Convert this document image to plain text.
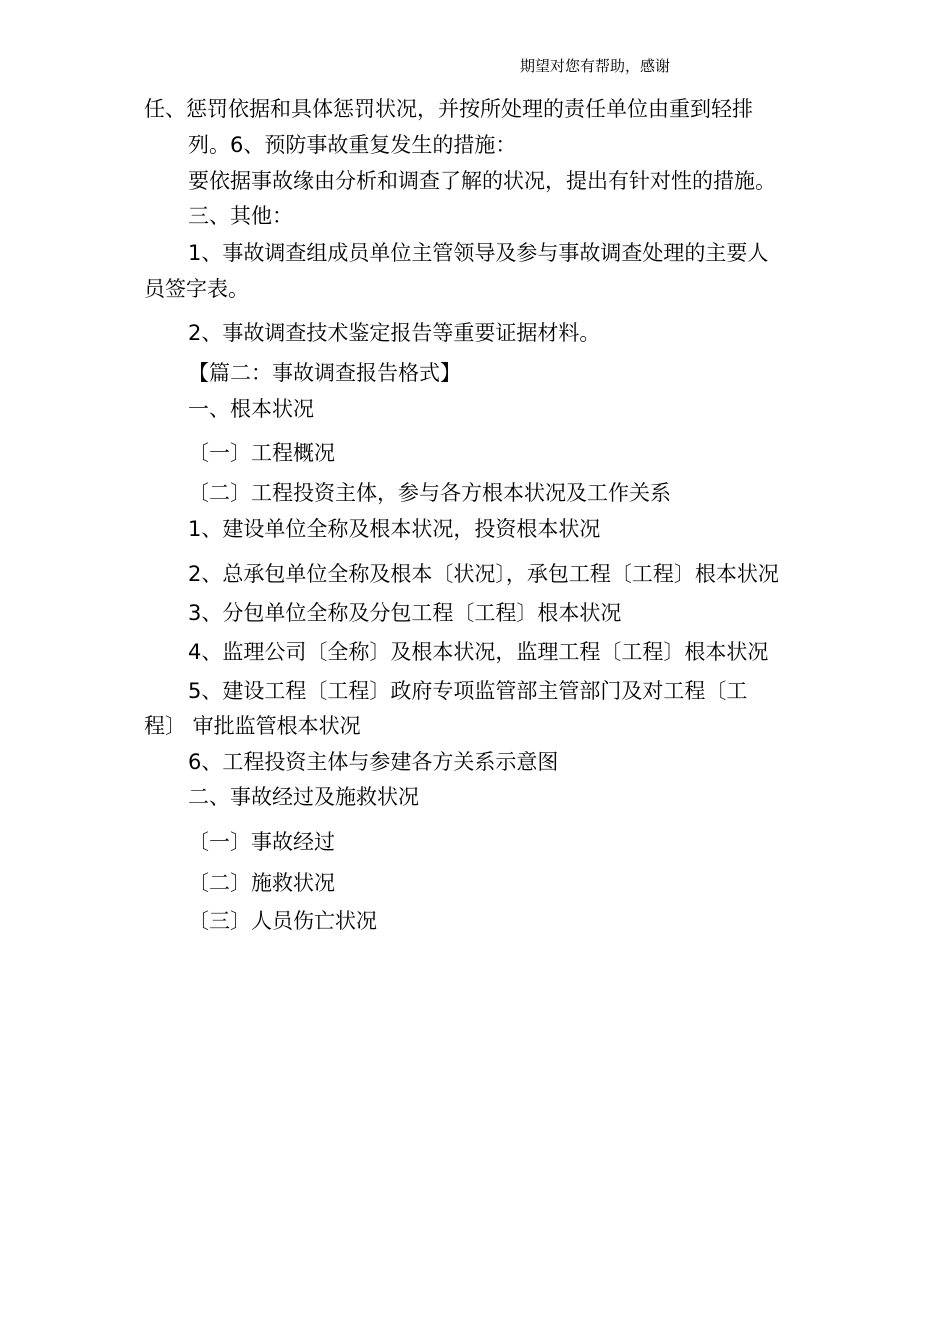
期望对您有帮助，感谢
任、惩罚依据和具体惩罚状况，并按所处理的责任单位由重到轻排
列。6、预防事故重复发生的措施：
要依据事故缘由分析和调查了解的状况，提出有针对性的措施。
三、其他：
1、事故调查组成员单位主管领导及参与事故调查处理的主要人
员签字表。
2、事故调查技术鉴定报告等重要证据材料。
【篇二：事故调查报告格式】
一、根本状况
〔一〕工程概况
〔二〕工程投资主体，参与各方根本状况及工作关系
1、建设单位全称及根本状况，投资根本状况
2、总承包单位全称及根本〔状况〕，承包工程〔工程〕根本状况
3、分包单位全称及分包工程〔工程〕根本状况
4、监理公司〔全称〕及根本状况，监理工程〔工程〕根本状况
5、建设工程〔工程〕政府专项监管部主管部门及对工程〔工
程〕 审批监管根本状况
6、工程投资主体与参建各方关系示意图
二、事故经过及施救状况
〔一〕事故经过
〔二〕施救状况
〔三〕人员伤亡状况
